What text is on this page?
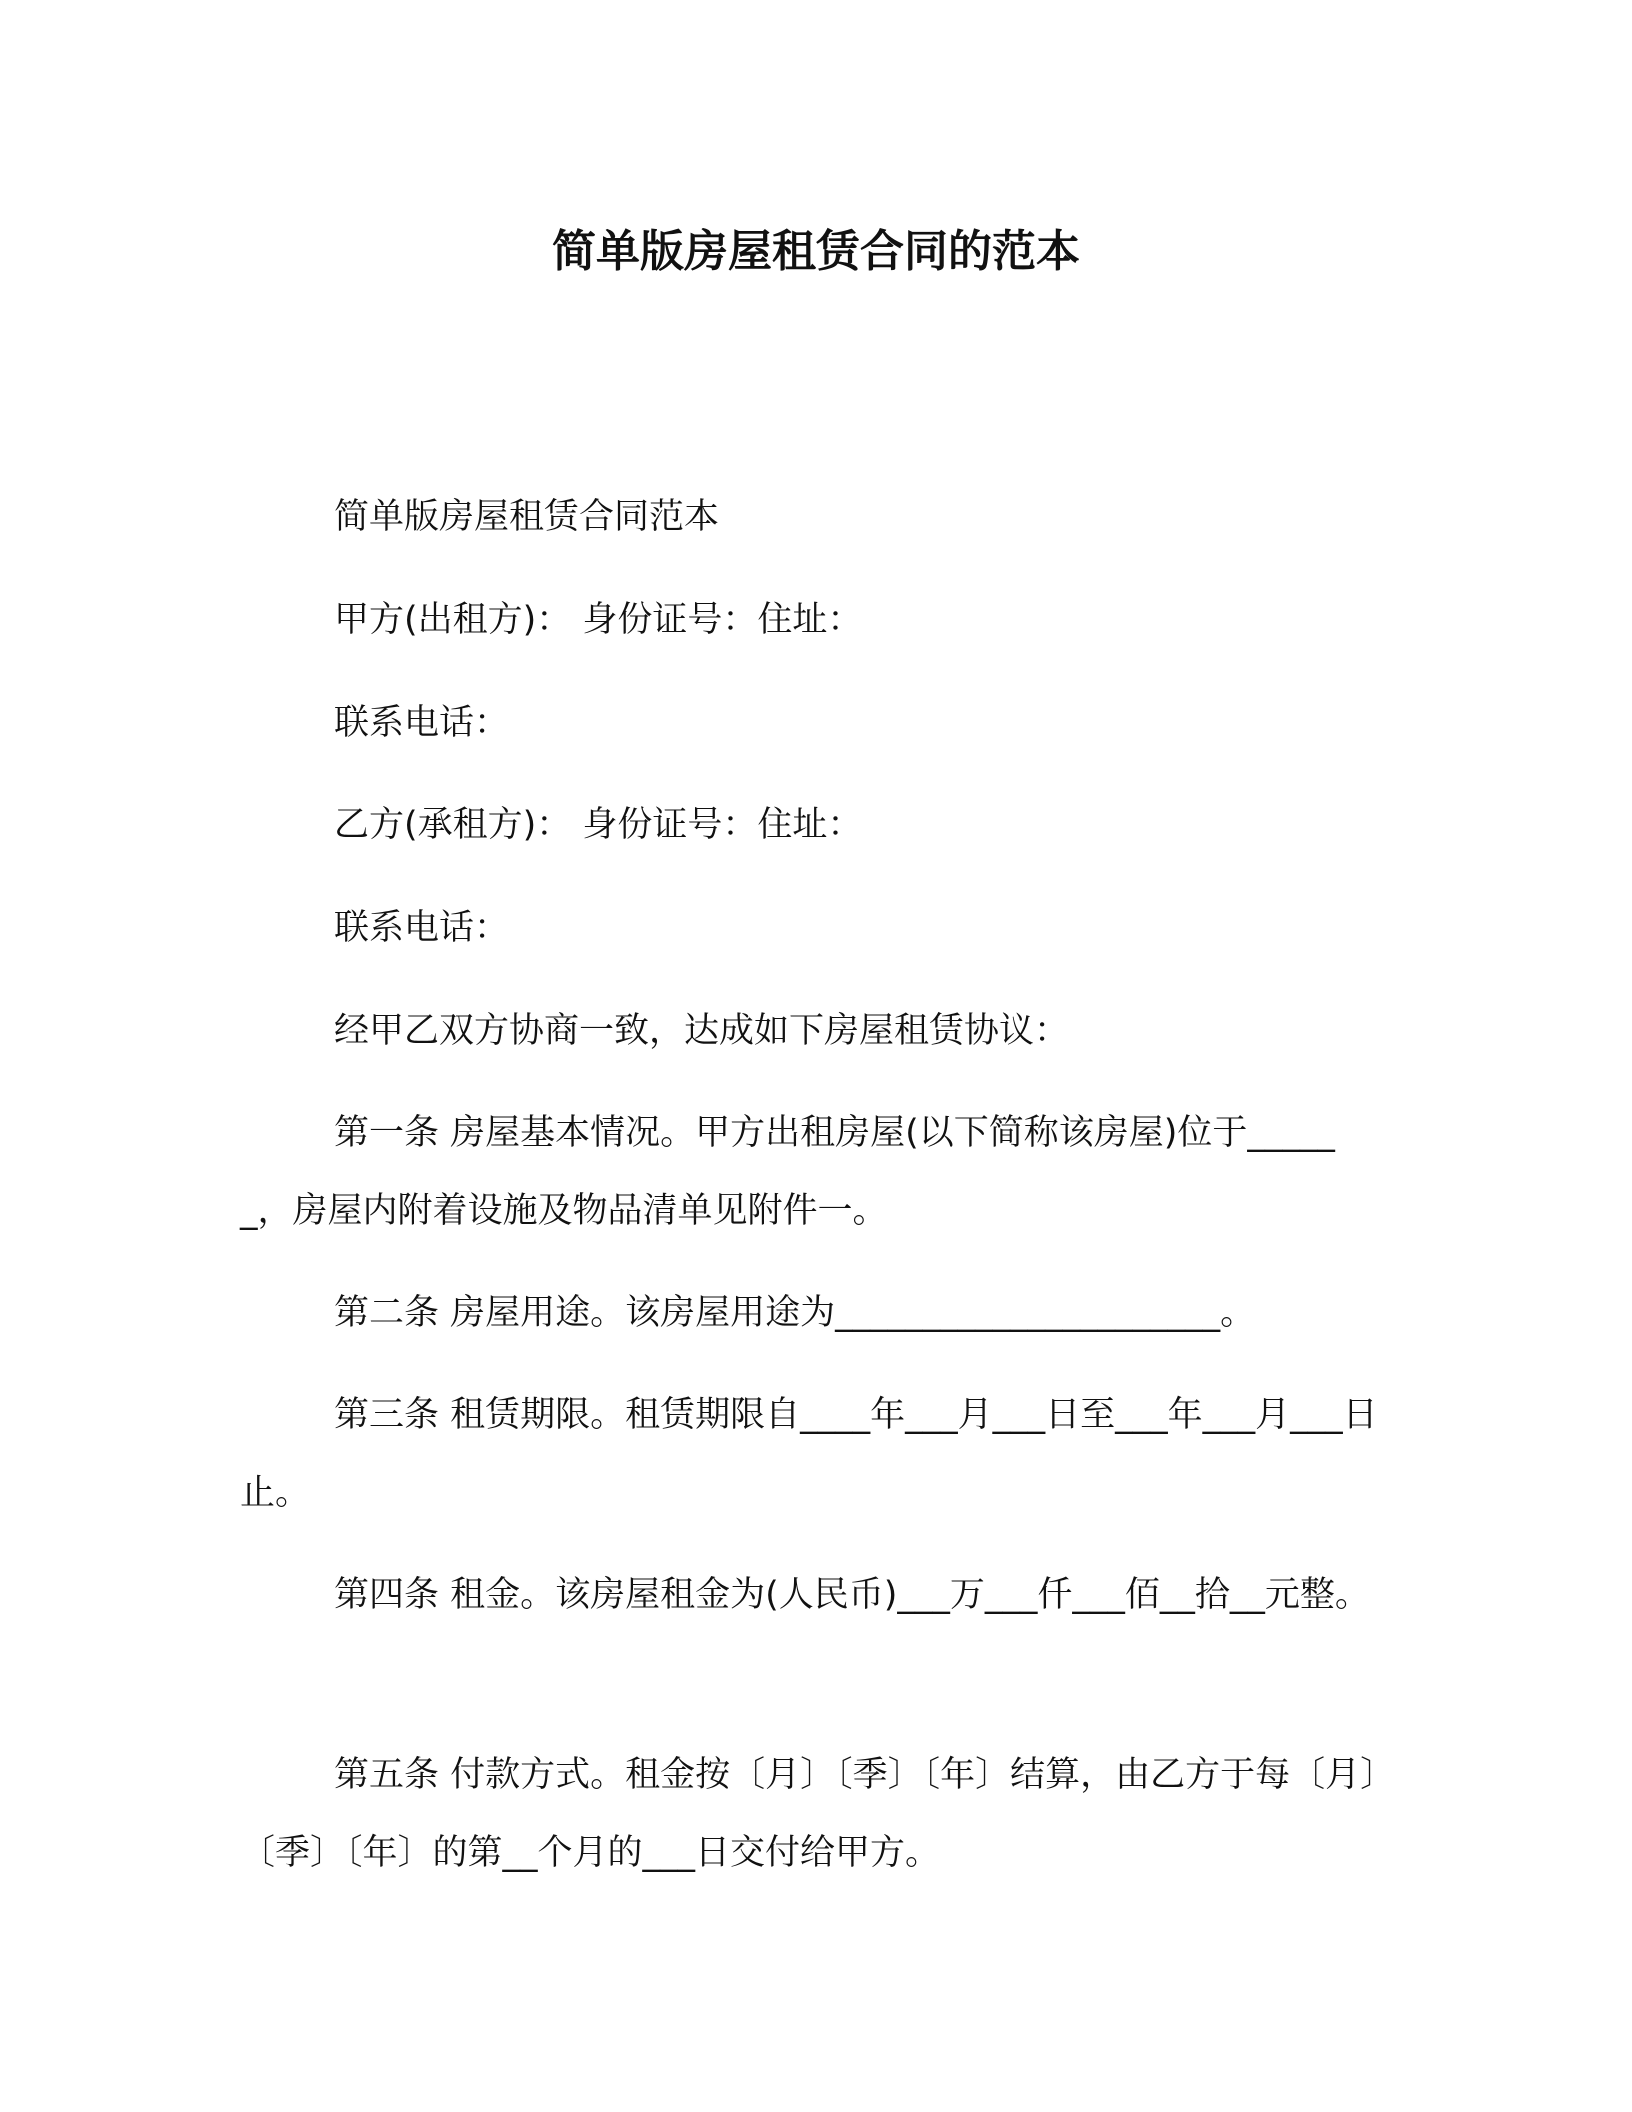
简单版房屋租赁合同的范本

简单版房屋租赁合同范本

甲方(出租方)： 身份证号：住址：

联系电话：

乙方(承租方)： 身份证号：住址：

联系电话：

经甲乙双方协商一致，达成如下房屋租赁协议：

第一条 房屋基本情况。甲方出租房屋(以下简称该房屋)位于______，房屋内附着设施及物品清单见附件一。

第二条 房屋用途。该房屋用途为______________________。

第三条 租赁期限。租赁期限自____年___月___日至___年___月___日止。

第四条 租金。该房屋租金为(人民币)___万___仟___佰__拾__元整。

第五条 付款方式。租金按〔月〕〔季〕〔年〕结算，由乙方于每〔月〕〔季〕〔年〕的第__个月的___日交付给甲方。
